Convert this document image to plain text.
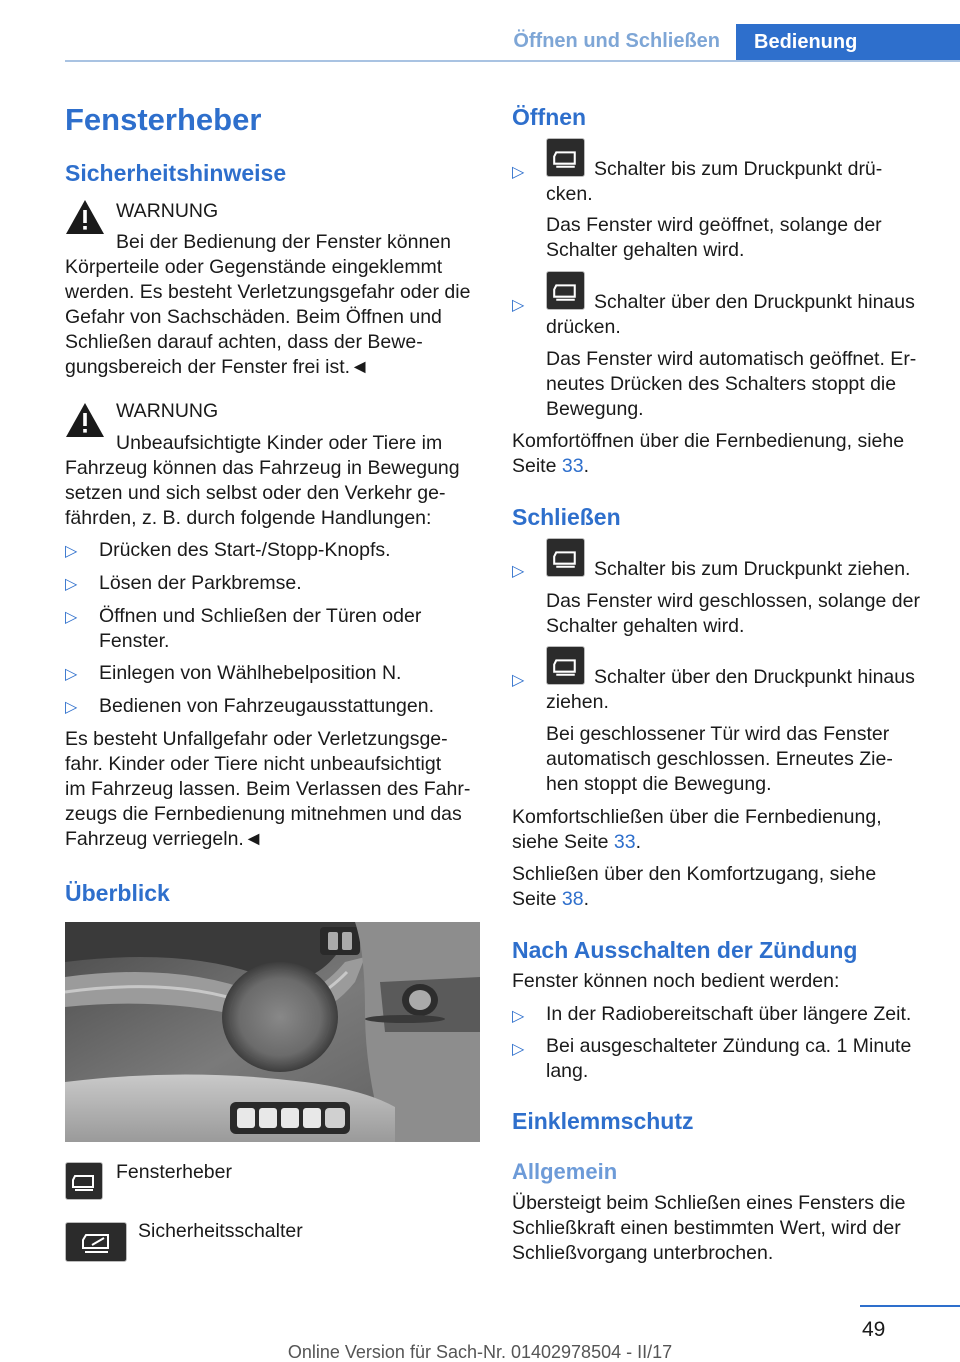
Öffnen und Schließen	Bedienung
Fensterheber
Sicherheitshinweise
WARNUNG
Bei der Bedienung der Fenster können
Körperteile oder Gegenstände eingeklemmt
werden. Es besteht Verletzungsgefahr oder die
Gefahr von Sachschäden. Beim Öffnen und
Schließen darauf achten, dass der Bewe-
gungsbereich der Fenster frei ist.◄
WARNUNG
Unbeaufsichtigte Kinder oder Tiere im
Fahrzeug können das Fahrzeug in Bewegung
setzen und sich selbst oder den Verkehr ge-
fährden, z. B. durch folgende Handlungen:
▷ Drücken des Start-/Stopp-Knopfs.
▷ Lösen der Parkbremse.
▷ Öffnen und Schließen der Türen oder
Fenster.
▷ Einlegen von Wählhebelposition N.
▷ Bedienen von Fahrzeugausstattungen.
Es besteht Unfallgefahr oder Verletzungsge-
fahr. Kinder oder Tiere nicht unbeaufsichtigt
im Fahrzeug lassen. Beim Verlassen des Fahr-
zeugs die Fernbedienung mitnehmen und das
Fahrzeug verriegeln.◄
Überblick
Fensterheber
Sicherheitsschalter
Öffnen
▷	Schalter bis zum Druckpunkt drü-
cken.
Das Fenster wird geöffnet, solange der
Schalter gehalten wird.
▷	Schalter über den Druckpunkt hinaus
drücken.
Das Fenster wird automatisch geöffnet. Er-
neutes Drücken des Schalters stoppt die
Bewegung.
Komfortöffnen über die Fernbedienung, siehe
Seite 33.
Schließen
▷	Schalter bis zum Druckpunkt ziehen.
Das Fenster wird geschlossen, solange der
Schalter gehalten wird.
▷	Schalter über den Druckpunkt hinaus
ziehen.
Bei geschlossener Tür wird das Fenster
automatisch geschlossen. Erneutes Zie-
hen stoppt die Bewegung.
Komfortschließen über die Fernbedienung,
siehe Seite 33.
Schließen über den Komfortzugang, siehe
Seite 38.
Nach Ausschalten der Zündung
Fenster können noch bedient werden:
▷ In der Radiobereitschaft über längere Zeit.
▷ Bei ausgeschalteter Zündung ca. 1 Minute
lang.
Einklemmschutz
Allgemein
Übersteigt beim Schließen eines Fensters die
Schließkraft einen bestimmten Wert, wird der
Schließvorgang unterbrochen.
49
Online Version für Sach-Nr. 01402978504 - II/17
